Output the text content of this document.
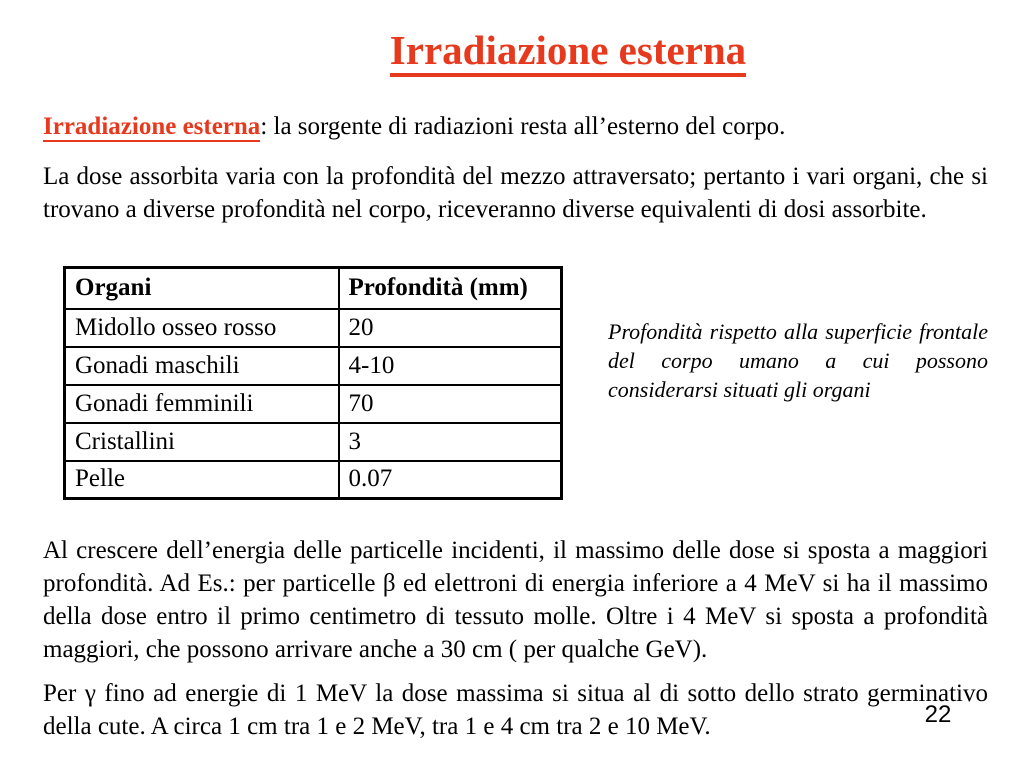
Irradiazione esterna

Irradiazione esterna: la sorgente di radiazioni resta all’esterno del corpo.

La dose assorbita varia con la profondità del mezzo attraversato; pertanto i vari organi, che si trovano a diverse profondità nel corpo, riceveranno diverse equivalenti di dosi assorbite.

Organi	Profondità (mm)
Midollo osseo rosso	20
Gonadi maschili	4-10
Gonadi femminili	70
Cristallini	3
Pelle	0.07

Profondità rispetto alla superficie frontale del corpo umano a cui possono considerarsi situati gli organi

Al crescere dell’energia delle particelle incidenti, il massimo delle dose si sposta a maggiori profondità. Ad Es.: per particelle β ed elettroni di energia inferiore a 4 MeV si ha il massimo della dose entro il primo centimetro di tessuto molle. Oltre i 4 MeV si sposta a profondità maggiori, che possono arrivare anche a 30 cm ( per qualche GeV).

Per γ fino ad energie di 1 MeV la dose massima si situa al di sotto dello strato germinativo della cute. A circa 1 cm tra 1 e 2 MeV, tra 1 e 4 cm tra 2 e 10 MeV.	22
